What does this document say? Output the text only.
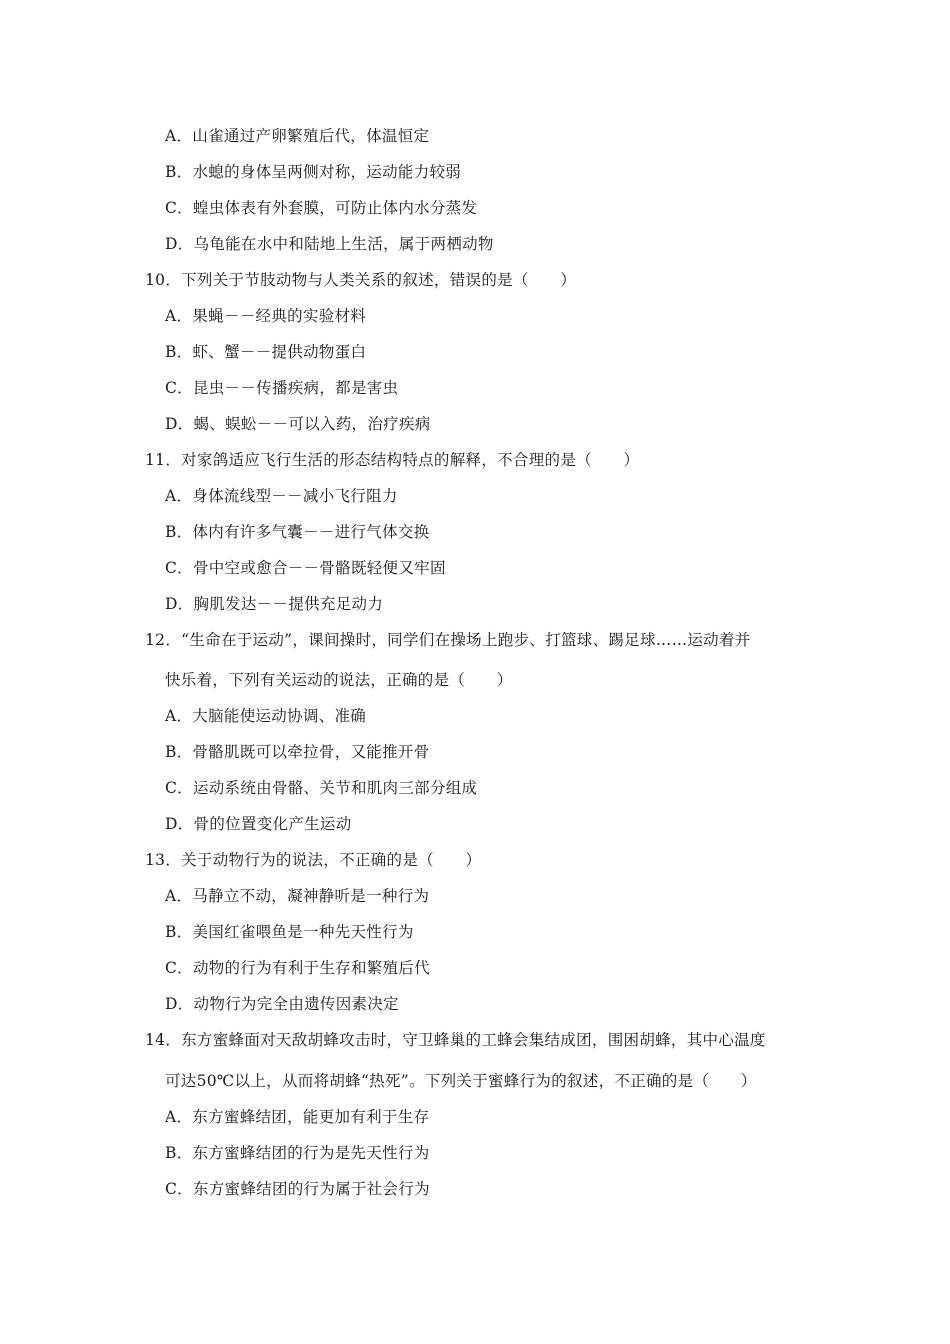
A．山雀通过产卵繁殖后代，体温恒定
B．水螅的身体呈两侧对称，运动能力较弱
C．蝗虫体表有外套膜，可防止体内水分蒸发
D．乌龟能在水中和陆地上生活，属于两栖动物
10．下列关于节肢动物与人类关系的叙述，错误的是（　　）
A．果蝇－－经典的实验材料
B．虾、蟹－－提供动物蛋白
C．昆虫－－传播疾病，都是害虫
D．蝎、蜈蚣－－可以入药，治疗疾病
11．对家鸽适应飞行生活的形态结构特点的解释，不合理的是（　　）
A．身体流线型－－减小飞行阻力
B．体内有许多气囊－－进行气体交换
C．骨中空或愈合－－骨骼既轻便又牢固
D．胸肌发达－－提供充足动力
12．“生命在于运动”，课间操时，同学们在操场上跑步、打篮球、踢足球……运动着并
快乐着，下列有关运动的说法，正确的是（　　）
A．大脑能使运动协调、准确
B．骨骼肌既可以牵拉骨，又能推开骨
C．运动系统由骨骼、关节和肌肉三部分组成
D．骨的位置变化产生运动
13．关于动物行为的说法，不正确的是（　　）
A．马静立不动，凝神静听是一种行为
B．美国红雀喂鱼是一种先天性行为
C．动物的行为有利于生存和繁殖后代
D．动物行为完全由遗传因素决定
14．东方蜜蜂面对天敌胡蜂攻击时，守卫蜂巢的工蜂会集结成团，围困胡蜂，其中心温度
可达50℃以上，从而将胡蜂“热死”。下列关于蜜蜂行为的叙述，不正确的是（　　）
A．东方蜜蜂结团，能更加有利于生存
B．东方蜜蜂结团的行为是先天性行为
C．东方蜜蜂结团的行为属于社会行为
